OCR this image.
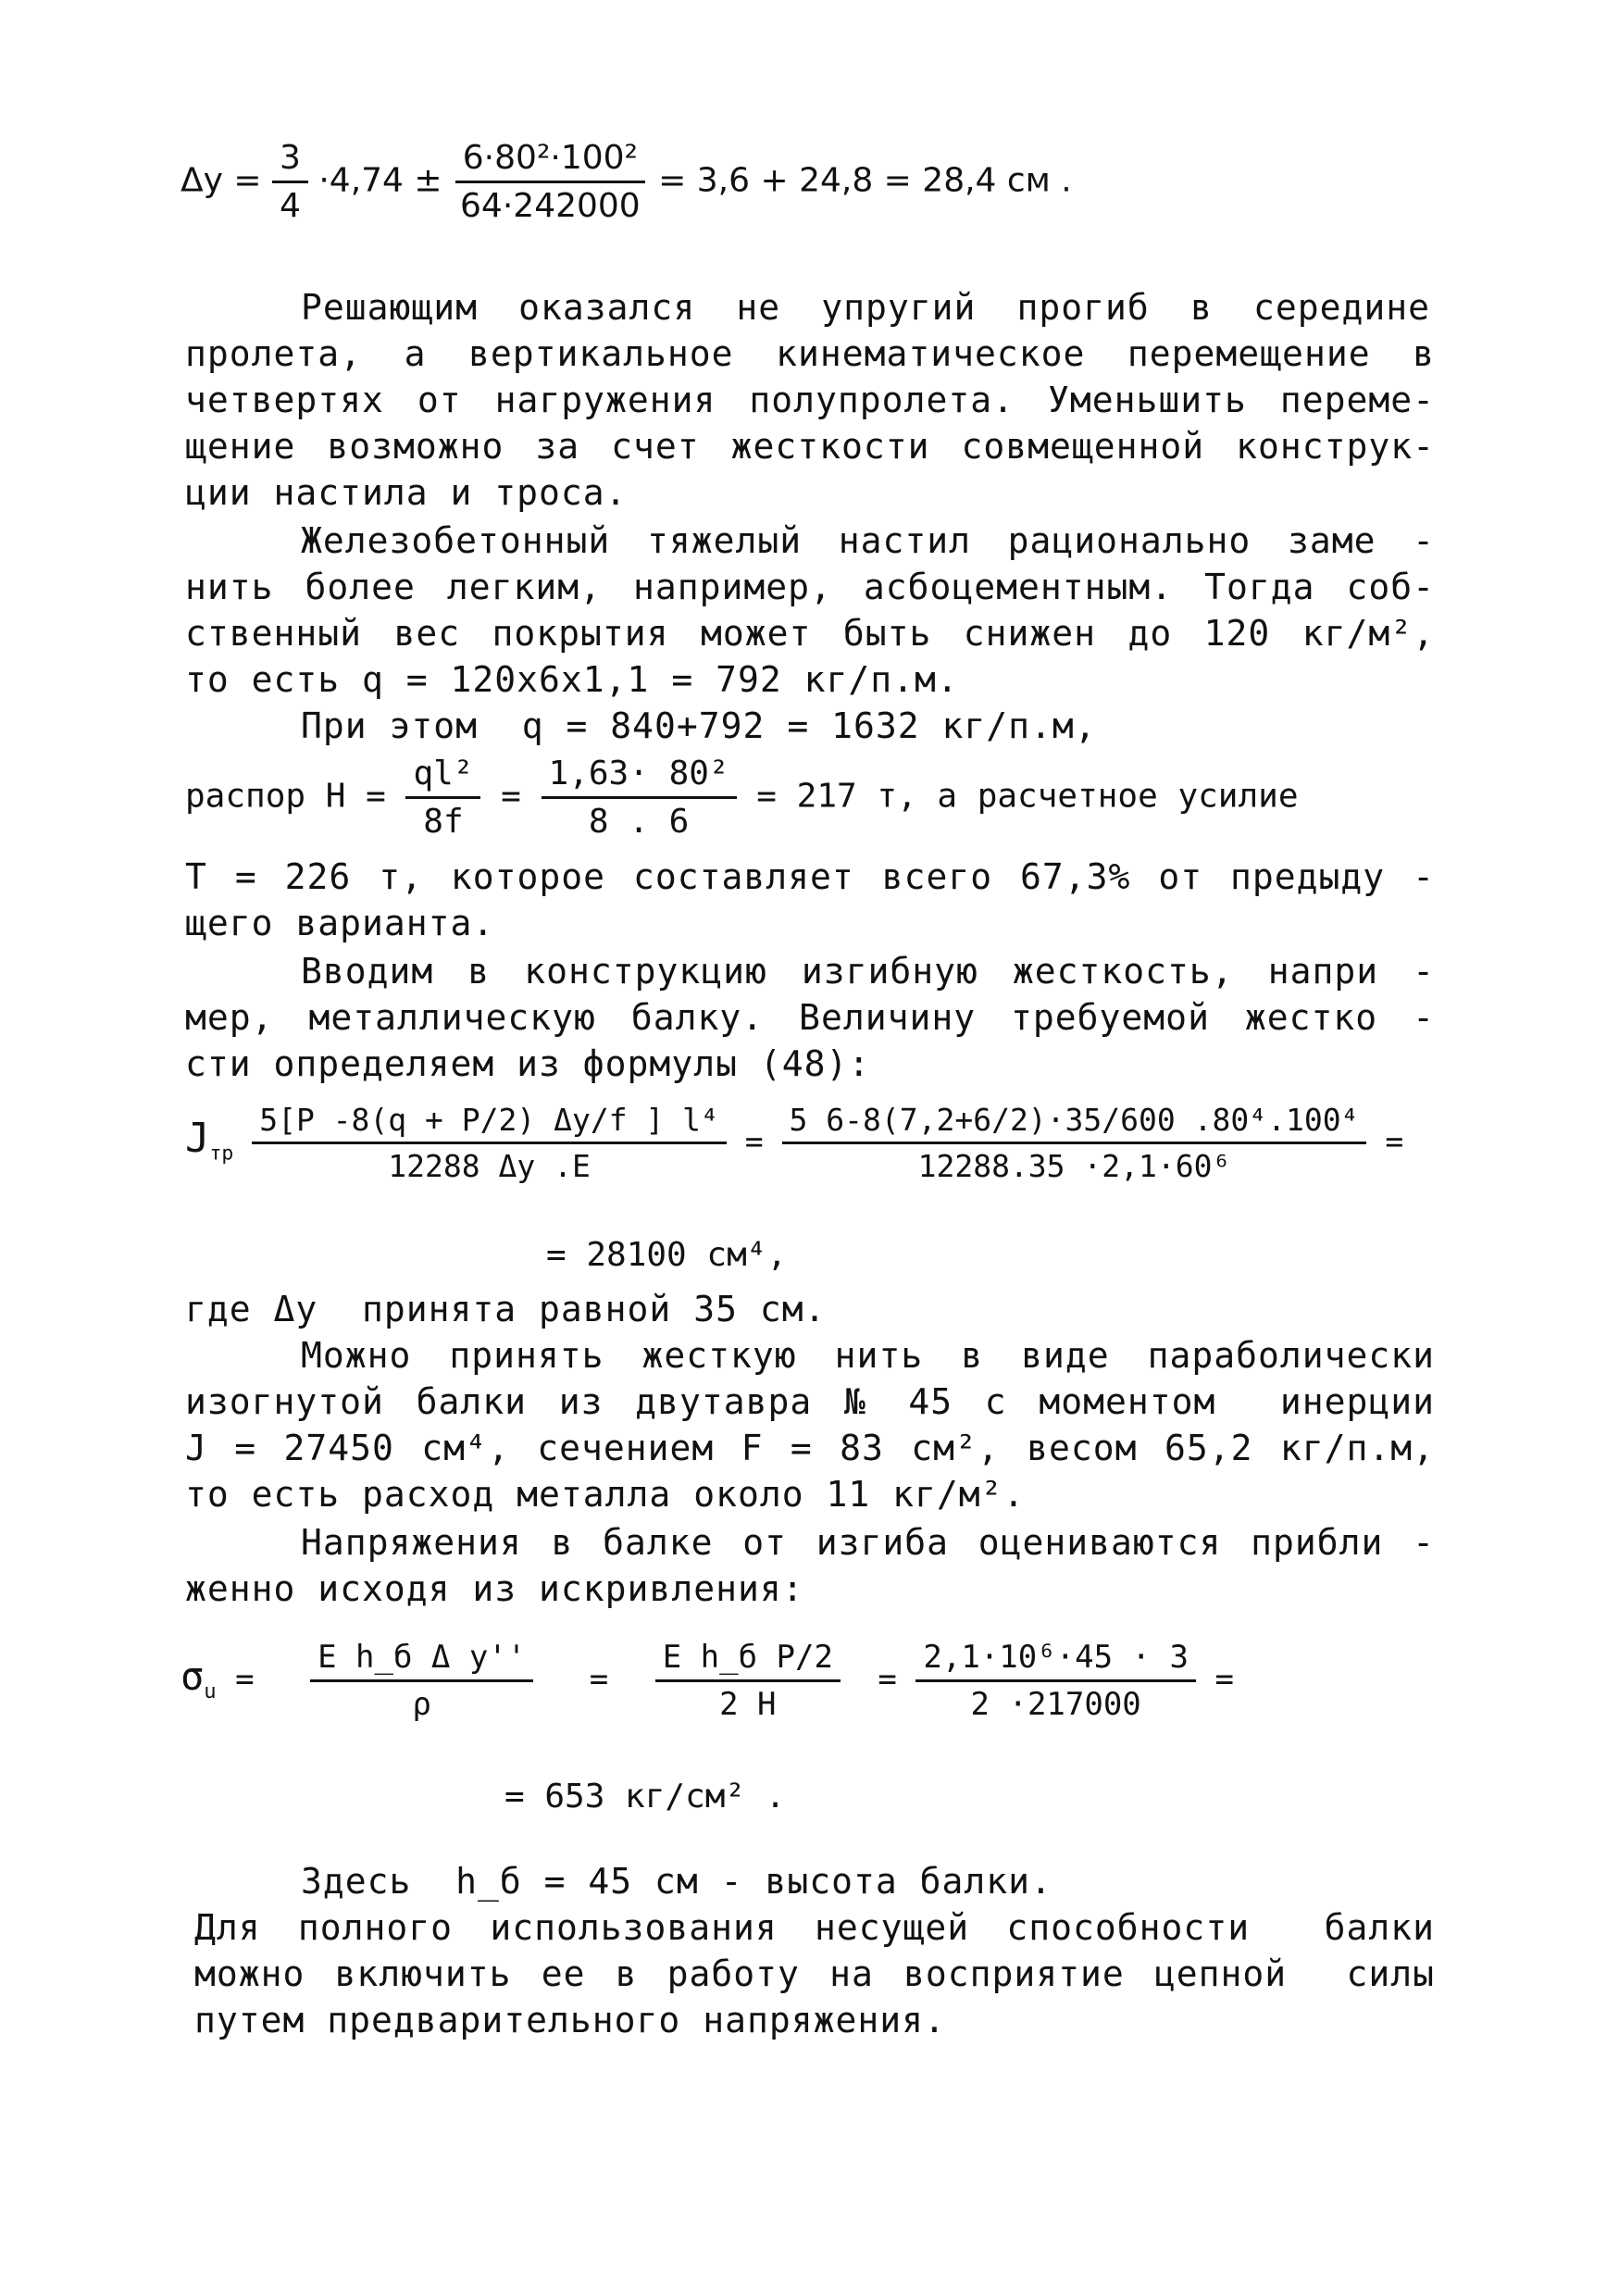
$\Delta y = \frac{3}{4} \cdot 4,74 \pm \frac{\text{6·80²·100²}}{64\cdot 242000} = 3,6 + 24,8 = 28,4$ см .
Решающим оказался не упругий прогиб в середине
пролета, а вертикальное кинематическое перемещение в
четвертях от нагружения полупролета. Уменьшить переме-
щение возможно за счет жесткости совмещенной конструк-
ции настила и троса.
Железобетонный тяжелый настил рационально заме -
нить более легким, например, асбоцементным. Тогда соб-
ственный вес покрытия может быть снижен до 120 кг/м²,
то есть q = 120x6x1,1 = 792 кг/п.м.
При этом  q = 840+792 = 1632 кг/п.м,
распор $H = \frac{\text{ql²}}{8f} = \frac{\text{1,63· 80²}}{8 . 6} = 217$ т, а расчетное усилие
T = 226 т, которое составляет всего 67,3% от предыду -
щего варианта.
Вводим в конструкцию изгибную жесткость, напри -
мер, металлическую балку. Величину требуемой жестко -
сти определяем из формулы (48):
$J_{тр} \frac{\text{5[P -8(q + P/2) Δy/f ] l⁴}}{12288 \Delta y .E} = \frac{\text{5 6-8(7,2+6/2)·35/600 .80⁴.100⁴}}{\text{12288.35 ·2,1·60⁶}}$ =
= 28100 см⁴,
где Δy  принята равной 35 см.
Можно принять жесткую нить в виде параболически
изогнутой балки из двутавра № 45 с моментом  инерции
J = 27450 см⁴, сечением F = 83 см², весом 65,2 кг/п.м,
то есть расход металла около 11 кг/м².
Напряжения в балке от изгиба оцениваются прибли -
женно исходя из искривления:
$\sigma_u = \frac{\text{E h\_б Δ y''}}{\rho} = \frac{\text{E h\_б P/2}}{2 H} = \frac{\text{2,1·10⁶·45 · 3}}{2 \cdot 217000}$ =
= 653 кг/см² .
Здесь  h_б = 45 см - высота балки.
Для полного использования несущей способности  балки
можно включить ее в работу на восприятие цепной  силы
путем предварительного напряжения.
